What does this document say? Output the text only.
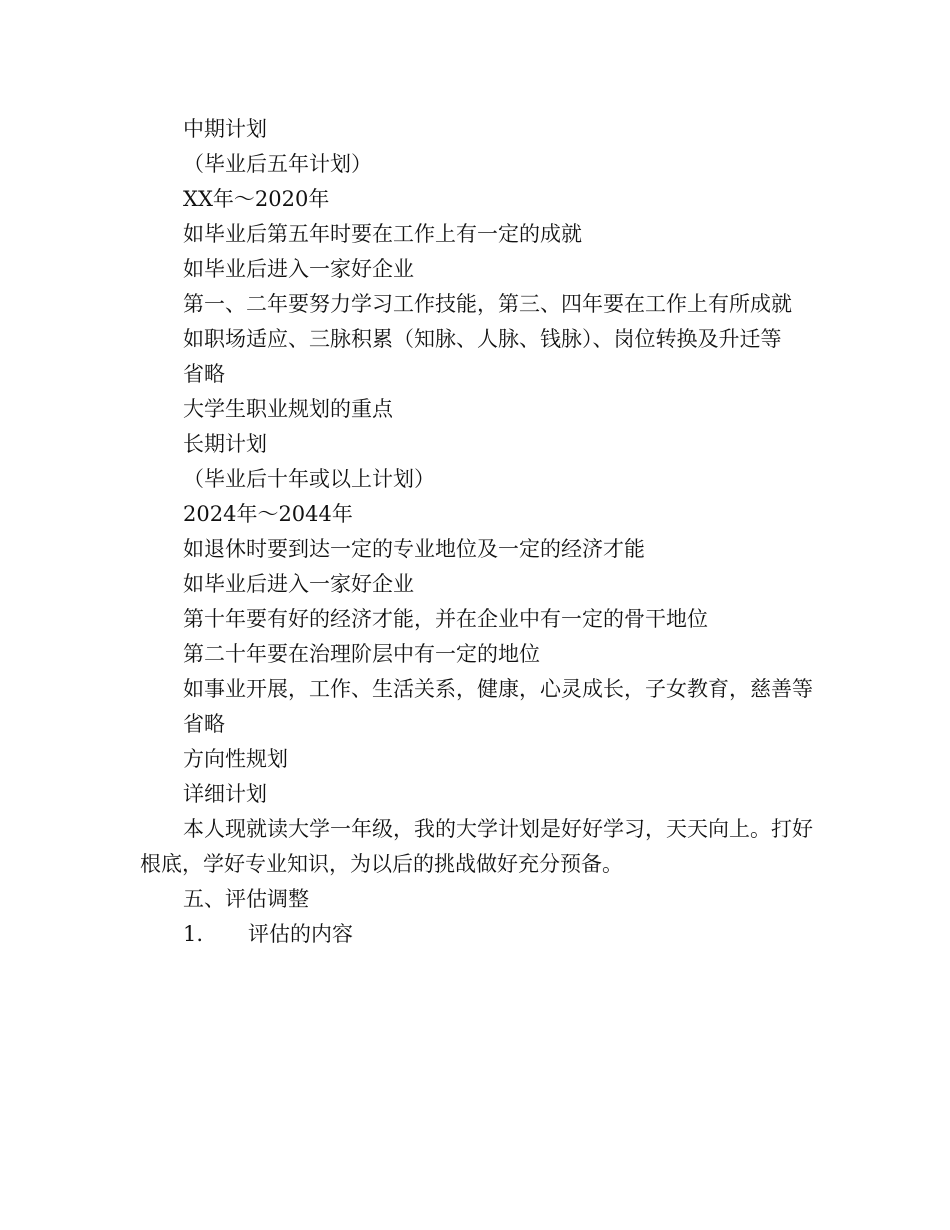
中期计划

（毕业后五年计划）

XX年～2020年

如毕业后第五年时要在工作上有一定的成就

如毕业后进入一家好企业

第一、二年要努力学习工作技能，第三、四年要在工作上有所成就

如职场适应、三脉积累（知脉、人脉、钱脉）、岗位转换及升迁等

省略

大学生职业规划的重点

长期计划

（毕业后十年或以上计划）

2024年～2044年

如退休时要到达一定的专业地位及一定的经济才能

如毕业后进入一家好企业

第十年要有好的经济才能，并在企业中有一定的骨干地位

第二十年要在治理阶层中有一定的地位

如事业开展，工作、生活关系，健康，心灵成长，子女教育，慈善等

省略

方向性规划

详细计划

本人现就读大学一年级，我的大学计划是好好学习，天天向上。打好根底，学好专业知识，为以后的挑战做好充分预备。

五、评估调整

1. 评估的内容
